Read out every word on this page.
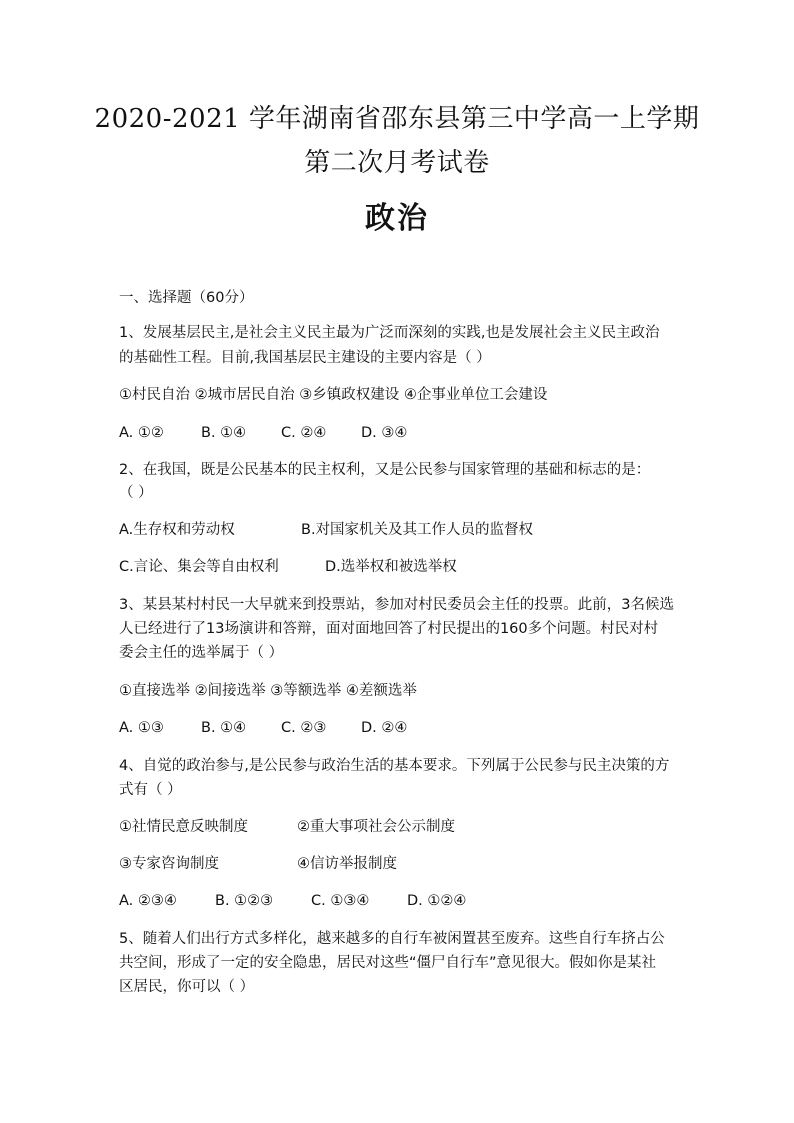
2020-2021 学年湖南省邵东县第三中学高一上学期
第二次月考试卷
政治
一、选择题（60分）
1、发展基层民主,是社会主义民主最为广泛而深刻的实践,也是发展社会主义民主政治
的基础性工程。目前,我国基层民主建设的主要内容是（ ）
①村民自治 ②城市居民自治 ③乡镇政权建设 ④企事业单位工会建设
A. ①②	B. ①④ C. ②④ D. ③④
2、在我国，既是公民基本的民主权利，又是公民参与国家管理的基础和标志的是：
（ ）
A.生存权和劳动权	B.对国家机关及其工作人员的监督权
C.言论、集会等自由权利	D.选举权和被选举权
3、某县某村村民一大早就来到投票站，参加对村民委员会主任的投票。此前，3名候选
人已经进行了13场演讲和答辩，面对面地回答了村民提出的160多个问题。村民对村
委会主任的选举属于（ ）
①直接选举 ②间接选举 ③等额选举 ④差额选举
A. ①③	B. ①④ C. ②③ D. ②④
4、自觉的政治参与,是公民参与政治生活的基本要求。下列属于公民参与民主决策的方
式有（ ）
①社情民意反映制度	②重大事项社会公示制度
③专家咨询制度	④信访举报制度
A. ②③④	B. ①②③	C. ①③④	D. ①②④
5、随着人们出行方式多样化，越来越多的自行车被闲置甚至废弃。这些自行车挤占公
共空间，形成了一定的安全隐患，居民对这些“僵尸自行车”意见很大。假如你是某社
区居民，你可以（ ）
